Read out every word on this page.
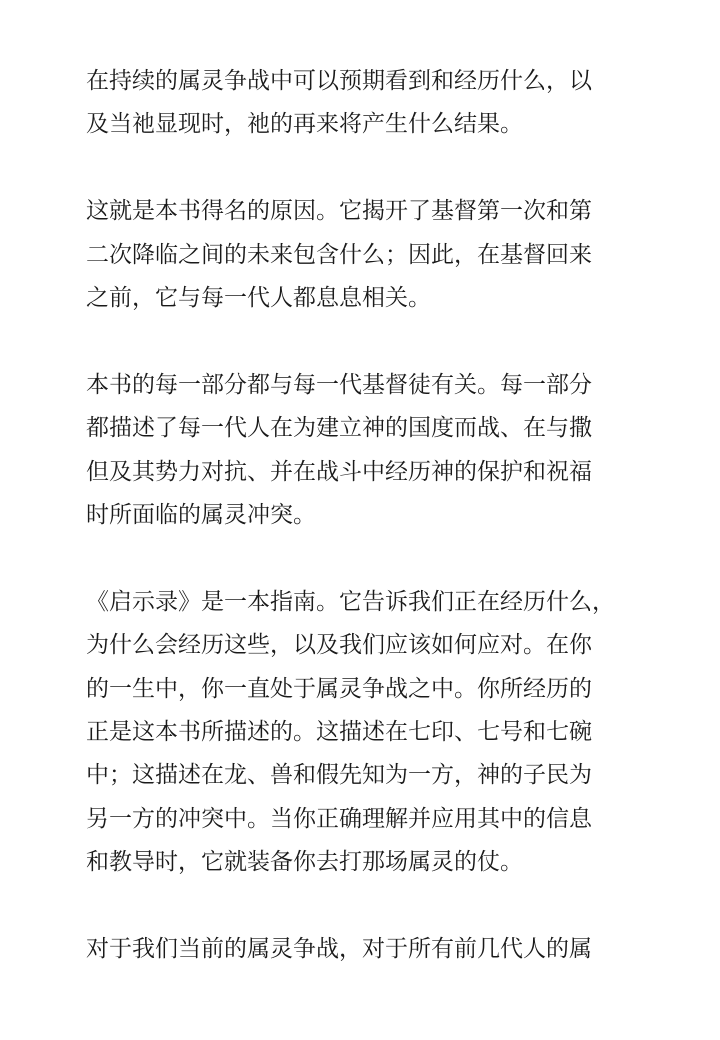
在持续的属灵争战中可以预期看到和经历什么，以
及当祂显现时，祂的再来将产生什么结果。

这就是本书得名的原因。它揭开了基督第一次和第
二次降临之间的未来包含什么；因此，在基督回来
之前，它与每一代人都息息相关。

本书的每一部分都与每一代基督徒有关。每一部分
都描述了每一代人在为建立神的国度而战、在与撒
但及其势力对抗、并在战斗中经历神的保护和祝福
时所面临的属灵冲突。

《启示录》是一本指南。它告诉我们正在经历什么，
为什么会经历这些，以及我们应该如何应对。在你
的一生中，你一直处于属灵争战之中。你所经历的
正是这本书所描述的。这描述在七印、七号和七碗
中；这描述在龙、兽和假先知为一方，神的子民为
另一方的冲突中。当你正确理解并应用其中的信息
和教导时，它就装备你去打那场属灵的仗。

对于我们当前的属灵争战，对于所有前几代人的属
